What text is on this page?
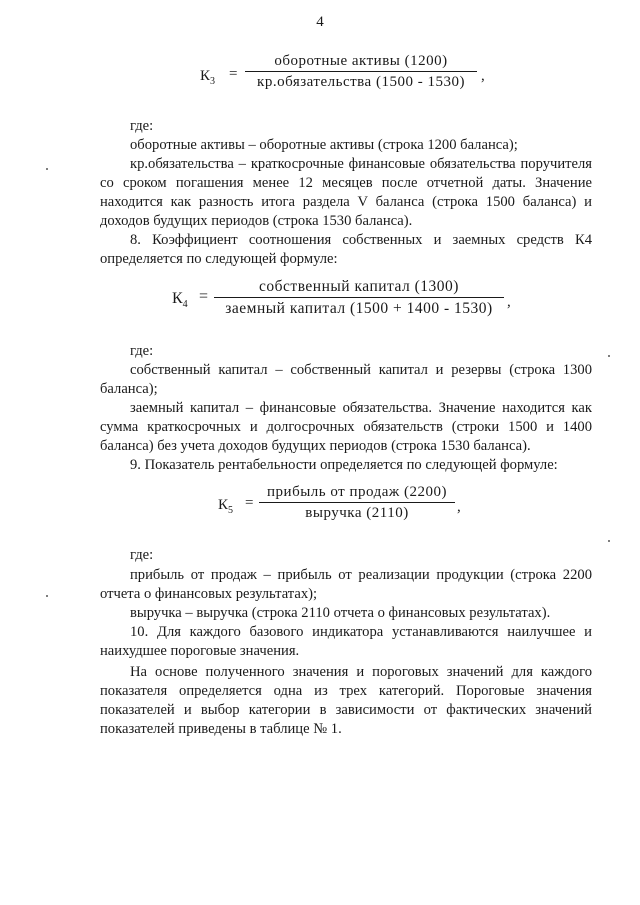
4
$К_3$ =
оборотные активы (1200)
кр.обязательства (1500 - 1530)	,
где:
оборотные активы – оборотные активы (строка 1200 баланса);
кр.обязательства – краткосрочные финансовые обязательства поручителя со сроком погашения менее 12 месяцев после отчетной даты. Значение находится как разность итога раздела V баланса (строка 1500 баланса) и доходов будущих периодов (строка 1530 баланса).
8. Коэффициент соотношения собственных и заемных средств К4 определяется по следующей формуле:
$К_4$ =
собственный капитал (1300)
заемный капитал (1500 + 1400 - 1530) ,
где:
собственный капитал – собственный капитал и резервы (строка 1300 баланса);
заемный капитал – финансовые обязательства. Значение находится как сумма краткосрочных и долгосрочных обязательств (строки 1500 и 1400 баланса) без учета доходов будущих периодов (строка 1530 баланса).
9. Показатель рентабельности определяется по следующей формуле:
$К_5$ =
прибыль от продаж (2200)
выручка (2110)	,
где:
прибыль от продаж – прибыль от реализации продукции (строка 2200 отчета о финансовых результатах);
выручка – выручка (строка 2110 отчета о финансовых результатах).
10. Для каждого базового индикатора устанавливаются наилучшее и наихудшее пороговые значения.
На основе полученного значения и пороговых значений для каждого показателя определяется одна из трех категорий. Пороговые значения показателей и выбор категории в зависимости от фактических значений показателей приведены в таблице № 1.
